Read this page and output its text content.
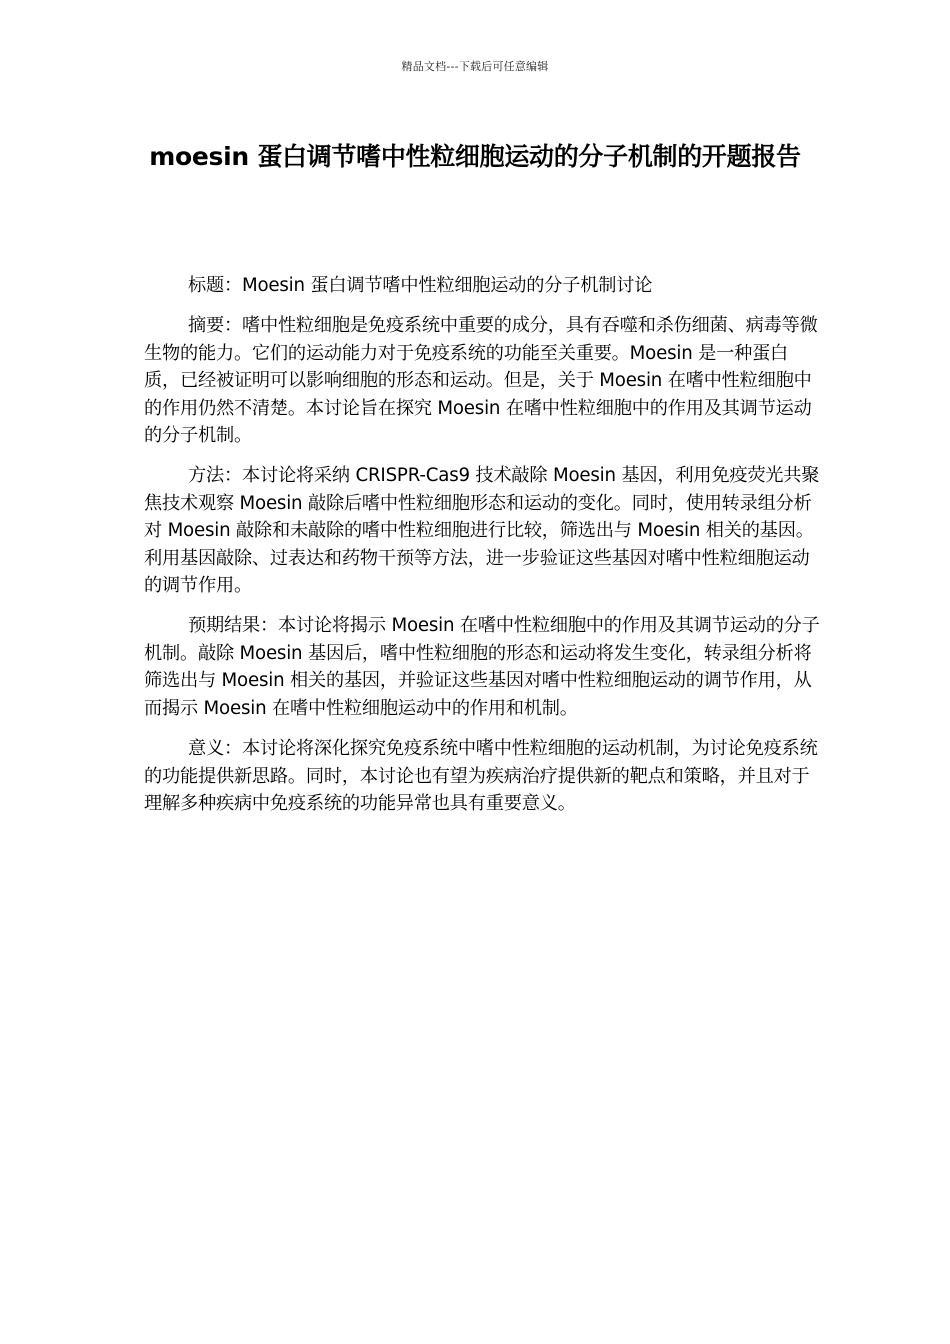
精品文档---下载后可任意编辑
moesin 蛋白调节嗜中性粒细胞运动的分子机制的开题报告

标题：Moesin 蛋白调节嗜中性粒细胞运动的分子机制讨论

摘要：嗜中性粒细胞是免疫系统中重要的成分，具有吞噬和杀伤细菌、病毒等微生物的能力。它们的运动能力对于免疫系统的功能至关重要。Moesin 是一种蛋白质，已经被证明可以影响细胞的形态和运动。但是，关于 Moesin 在嗜中性粒细胞中的作用仍然不清楚。本讨论旨在探究 Moesin 在嗜中性粒细胞中的作用及其调节运动的分子机制。

方法：本讨论将采纳 CRISPR-Cas9 技术敲除 Moesin 基因，利用免疫荧光共聚焦技术观察 Moesin 敲除后嗜中性粒细胞形态和运动的变化。同时，使用转录组分析对 Moesin 敲除和未敲除的嗜中性粒细胞进行比较，筛选出与 Moesin 相关的基因。利用基因敲除、过表达和药物干预等方法，进一步验证这些基因对嗜中性粒细胞运动的调节作用。

预期结果：本讨论将揭示 Moesin 在嗜中性粒细胞中的作用及其调节运动的分子机制。敲除 Moesin 基因后，嗜中性粒细胞的形态和运动将发生变化，转录组分析将筛选出与 Moesin 相关的基因，并验证这些基因对嗜中性粒细胞运动的调节作用，从而揭示 Moesin 在嗜中性粒细胞运动中的作用和机制。

意义：本讨论将深化探究免疫系统中嗜中性粒细胞的运动机制，为讨论免疫系统的功能提供新思路。同时，本讨论也有望为疾病治疗提供新的靶点和策略，并且对于理解多种疾病中免疫系统的功能异常也具有重要意义。
